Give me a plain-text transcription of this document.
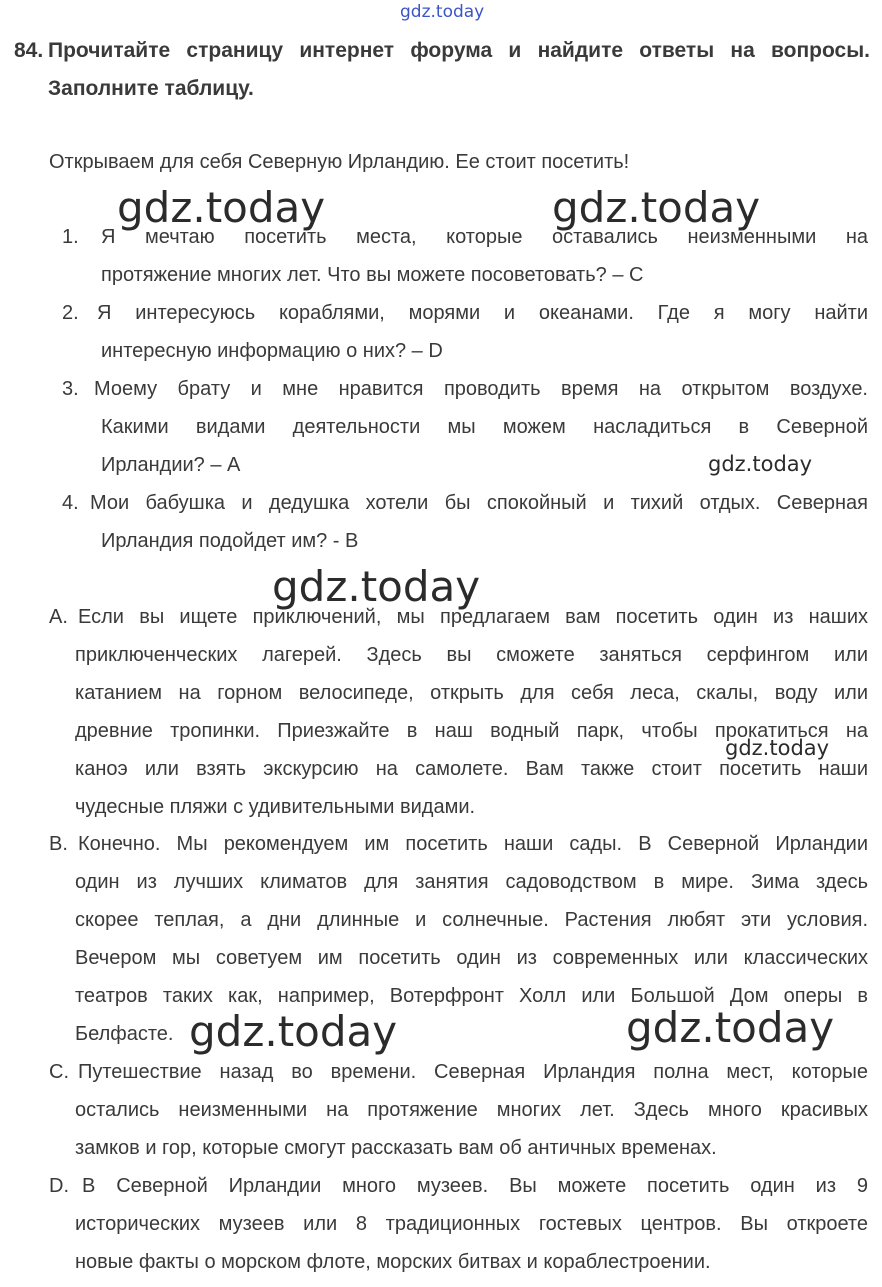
84. Прочитайте страницу интернет форума и найдите ответы на вопросы.
Заполните таблицу.
Открываем для себя Северную Ирландию. Ее стоит посетить!
1. Я мечтаю посетить места, которые оставались неизменными на
протяжение многих лет. Что вы можете посоветовать? – С
2. Я интересуюсь кораблями, морями и океанами. Где я могу найти
интересную информацию о них? – D
3. Моему брату и мне нравится проводить время на открытом воздухе.
Какими видами деятельности мы можем насладиться в Северной
Ирландии? – А
4. Мои бабушка и дедушка хотели бы спокойный и тихий отдых. Северная
Ирландия подойдет им? - В
A. Если вы ищете приключений, мы предлагаем вам посетить один из наших
приключенческих лагерей. Здесь вы сможете заняться серфингом или
катанием на горном велосипеде, открыть для себя леса, скалы, воду или
древние тропинки. Приезжайте в наш водный парк, чтобы прокатиться на
каноэ или взять экскурсию на самолете. Вам также стоит посетить наши
чудесные пляжи с удивительными видами.
B. Конечно. Мы рекомендуем им посетить наши сады. В Северной Ирландии
один из лучших климатов для занятия садоводством в мире. Зима здесь
скорее теплая, а дни длинные и солнечные. Растения любят эти условия.
Вечером мы советуем им посетить один из современных или классических
театров таких как, например, Вотерфронт Холл или Большой Дом оперы в
Белфасте.
C. Путешествие назад во времени. Северная Ирландия полна мест, которые
остались неизменными на протяжение многих лет. Здесь много красивых
замков и гор, которые смогут рассказать вам об античных временах.
D. В Северной Ирландии много музеев. Вы можете посетить один из 9
исторических музеев или 8 традиционных гостевых центров. Вы откроете
новые факты о морском флоте, морских битвах и кораблестроении.
gdz.today
gdz.today	gdz.today
gdz.today
gdz.today
gdz.today
gdz.today	gdz.today
